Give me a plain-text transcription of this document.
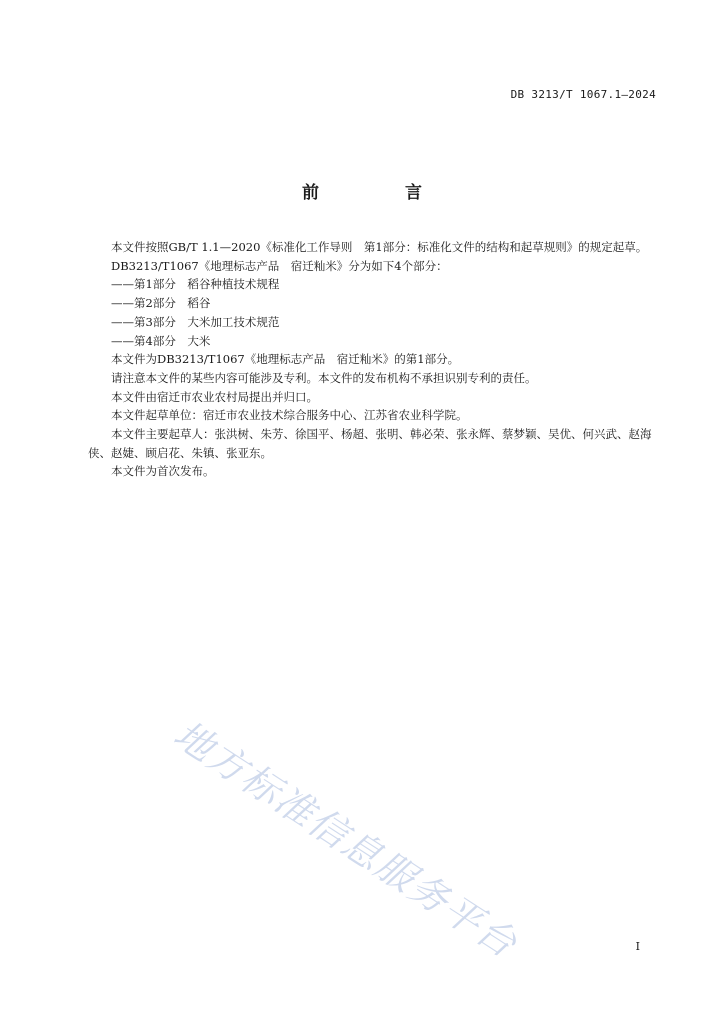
DB 3213/T 1067.1—2024
前 言

本文件按照GB/T 1.1—2020《标准化工作导则　第1部分：标准化文件的结构和起草规则》的规定起草。

DB3213/T1067《地理标志产品　宿迁籼米》分为如下4个部分：

——第1部分　稻谷种植技术规程

——第2部分　稻谷

——第3部分　大米加工技术规范

——第4部分　大米

本文件为DB3213/T1067《地理标志产品　宿迁籼米》的第1部分。

请注意本文件的某些内容可能涉及专利。本文件的发布机构不承担识别专利的责任。

本文件由宿迁市农业农村局提出并归口。

本文件起草单位：宿迁市农业技术综合服务中心、江苏省农业科学院。

本文件主要起草人：张洪树、朱芳、徐国平、杨超、张明、韩必荣、张永辉、蔡梦颖、吴优、何兴武、赵海侠、赵婕、顾启花、朱镇、张亚东。

本文件为首次发布。

地方标准信息服务平台	I
